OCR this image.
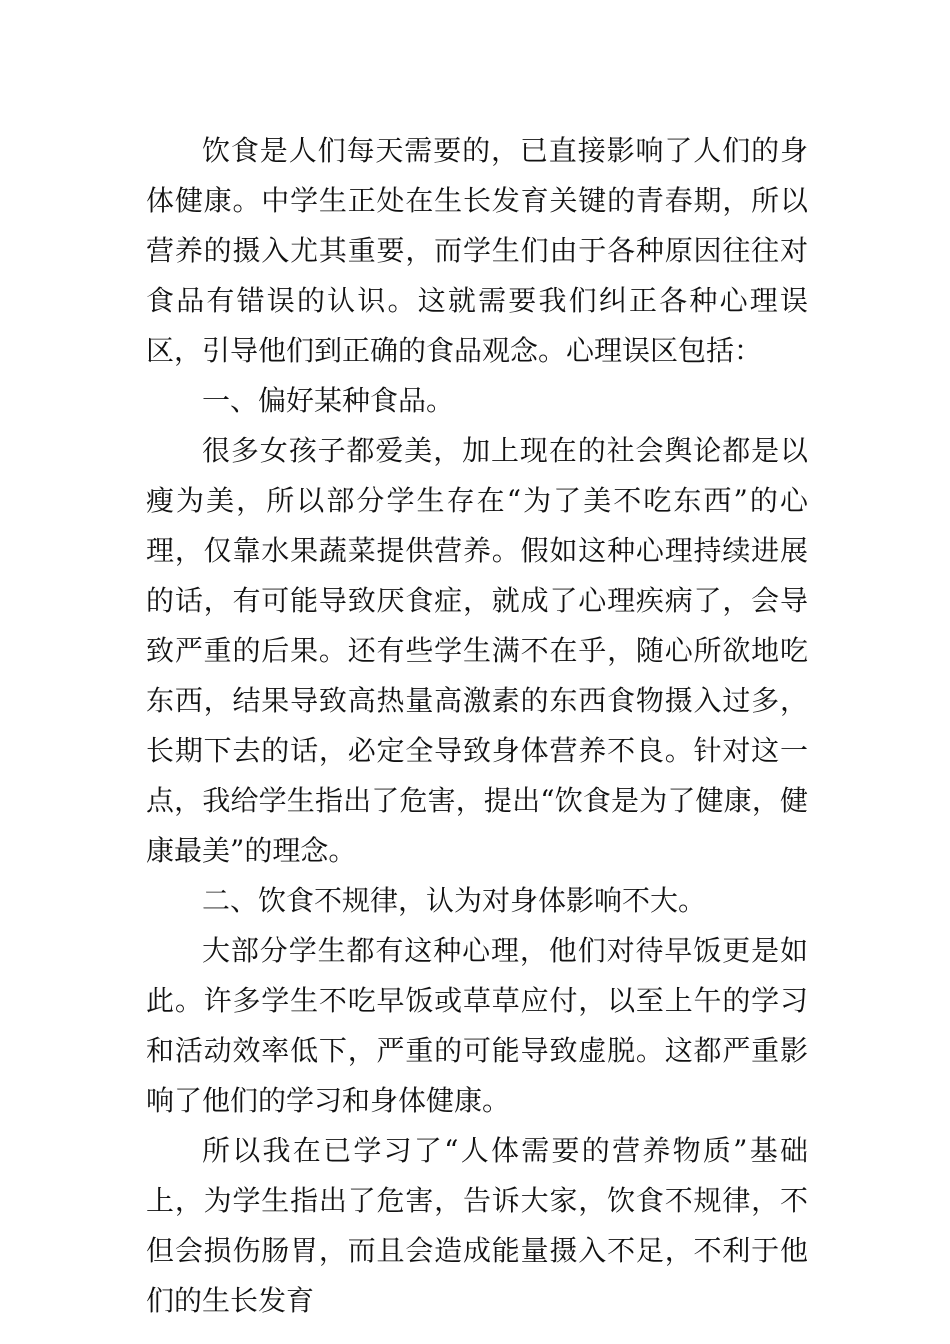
饮食是人们每天需要的，已直接影响了人们的身体健康。中学生正处在生长发育关键的青春期，所以营养的摄入尤其重要，而学生们由于各种原因往往对食品有错误的认识。这就需要我们纠正各种心理误区，引导他们到正确的食品观念。心理误区包括：

一、偏好某种食品。

很多女孩子都爱美，加上现在的社会舆论都是以瘦为美，所以部分学生存在“为了美不吃东西”的心理，仅靠水果蔬菜提供营养。假如这种心理持续进展的话，有可能导致厌食症，就成了心理疾病了，会导致严重的后果。还有些学生满不在乎，随心所欲地吃东西，结果导致高热量高激素的东西食物摄入过多，长期下去的话，必定全导致身体营养不良。针对这一点，我给学生指出了危害，提出“饮食是为了健康，健康最美”的理念。

二、饮食不规律，认为对身体影响不大。

大部分学生都有这种心理，他们对待早饭更是如此。许多学生不吃早饭或草草应付，以至上午的学习和活动效率低下，严重的可能导致虚脱。这都严重影响了他们的学习和身体健康。

所以我在已学习了“人体需要的营养物质”基础上，为学生指出了危害，告诉大家，饮食不规律，不但会损伤肠胃，而且会造成能量摄入不足，不利于他们的生长发育
